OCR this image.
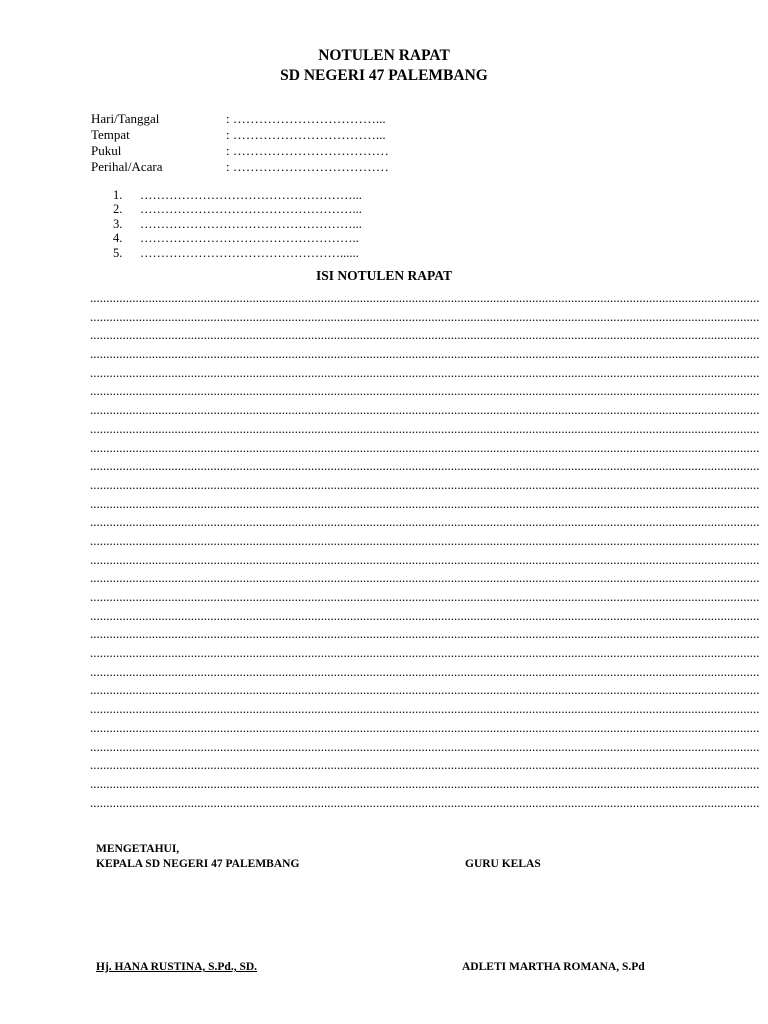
NOTULEN RAPAT
SD NEGERI 47 PALEMBANG
Hari/Tanggal	: ……………………………...
Tempat	: ……………………………...
Pukul	: ………………………………
Perihal/Acara	: ………………………………
1. ……………………………………………...
2. ……………………………………………...
3. ……………………………………………...
4. ……………………………………………..
5. …………………………………………......
ISI NOTULEN RAPAT
..............................................................................................................................................................................................................
..............................................................................................................................................................................................................
..............................................................................................................................................................................................................
..............................................................................................................................................................................................................
..............................................................................................................................................................................................................
..............................................................................................................................................................................................................
..............................................................................................................................................................................................................
..............................................................................................................................................................................................................
..............................................................................................................................................................................................................
..............................................................................................................................................................................................................
..............................................................................................................................................................................................................
..............................................................................................................................................................................................................
..............................................................................................................................................................................................................
..............................................................................................................................................................................................................
..............................................................................................................................................................................................................
..............................................................................................................................................................................................................
..............................................................................................................................................................................................................
..............................................................................................................................................................................................................
..............................................................................................................................................................................................................
..............................................................................................................................................................................................................
..............................................................................................................................................................................................................
..............................................................................................................................................................................................................
..............................................................................................................................................................................................................
..............................................................................................................................................................................................................
..............................................................................................................................................................................................................
..............................................................................................................................................................................................................
..............................................................................................................................................................................................................
..............................................................................................................................................................................................................
MENGETAHUI,
KEPALA SD NEGERI 47 PALEMBANG	GURU KELAS
Hj. HANA RUSTINA, S.Pd., SD.	ADLETI MARTHA ROMANA, S.Pd
